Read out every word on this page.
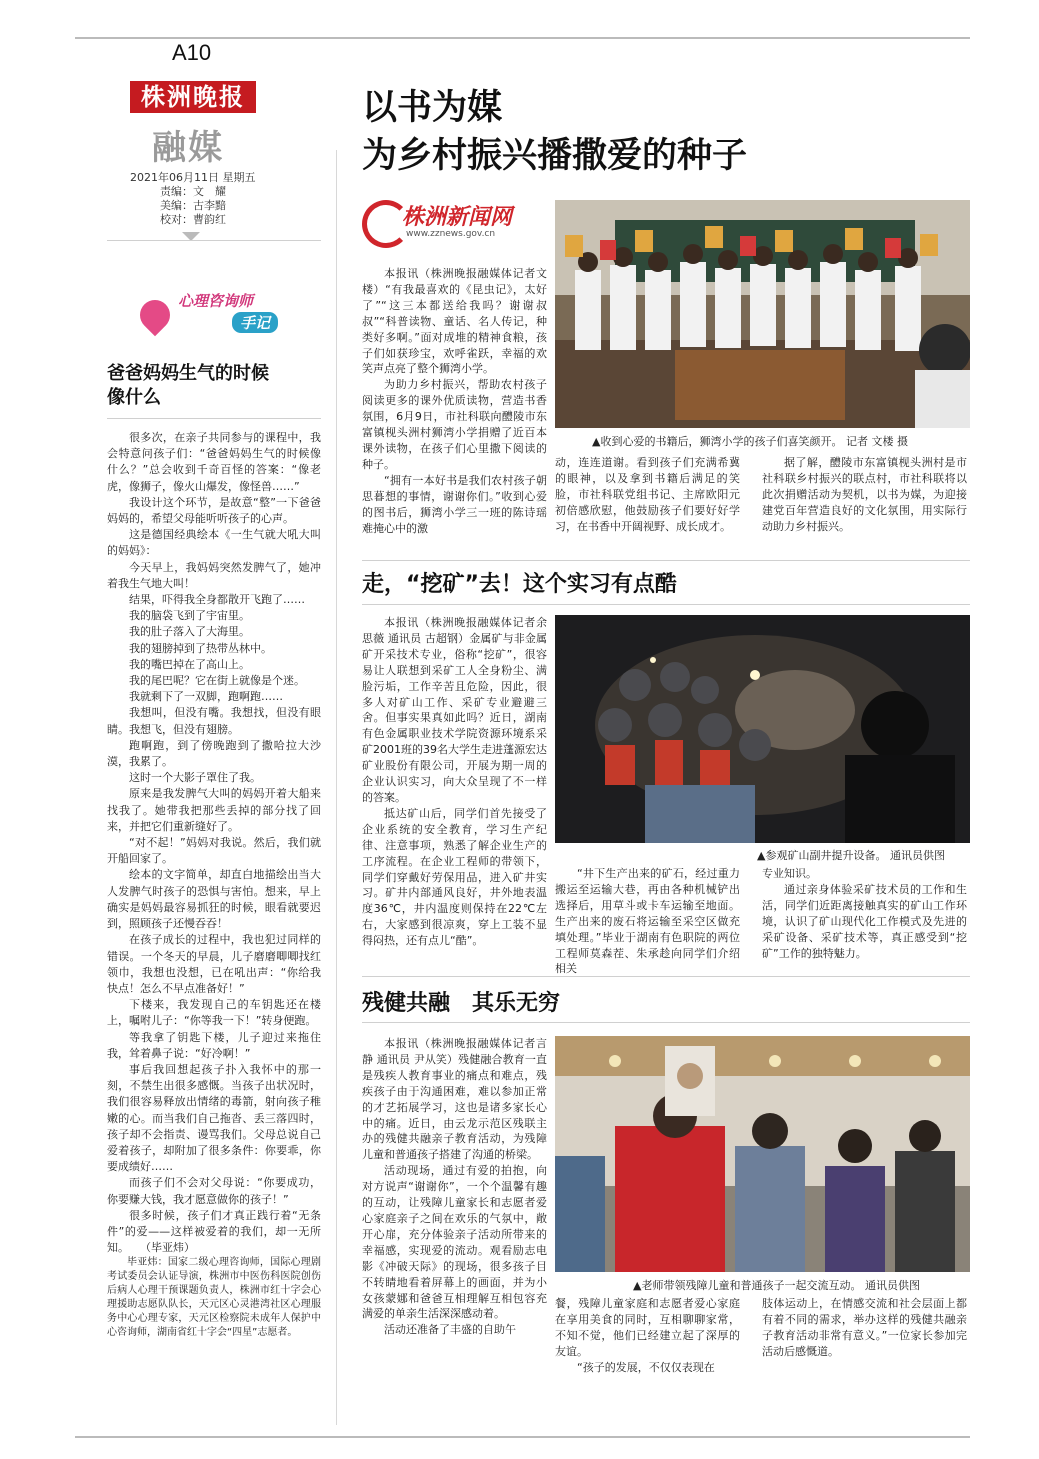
A10
株洲晚报
融媒
2021年06月11日 星期五
责编：文　耀
美编：古李黯
校对：曹韵红
心理咨询师
手记
爸爸妈妈生气的时候
像什么

很多次，在亲子共同参与的课程中，我会特意问孩子们：“爸爸妈妈生气的时候像什么？”总会收到千奇百怪的答案：“像老虎，像狮子，像火山爆发，像怪兽……”

我设计这个环节，是故意“整”一下爸爸妈妈的，希望父母能听听孩子的心声。

这是德国经典绘本《一生气就大吼大叫的妈妈》：

今天早上，我妈妈突然发脾气了，她冲着我生气地大叫！

结果，吓得我全身都散开飞跑了……

我的脑袋飞到了宇宙里。

我的肚子落入了大海里。

我的翅膀掉到了热带丛林中。

我的嘴巴掉在了高山上。

我的尾巴呢？它在街上就像是个迷。

我就剩下了一双脚，跑啊跑……

我想叫，但没有嘴。我想找，但没有眼睛。我想飞，但没有翅膀。

跑啊跑，到了傍晚跑到了撒哈拉大沙漠，我累了。

这时一个大影子罩住了我。

原来是我发脾气大叫的妈妈开着大船来找我了。她带我把那些丢掉的部分找了回来，并把它们重新缝好了。

“对不起！”妈妈对我说。然后，我们就开船回家了。

绘本的文字简单，却直白地描绘出当大人发脾气时孩子的恐惧与害怕。想来，早上确实是妈妈最容易抓狂的时候，眼看就要迟到，照顾孩子还慢吞吞！

在孩子成长的过程中，我也犯过同样的错误。一个冬天的早晨，儿子磨磨唧唧找红领巾，我想也没想，已在吼出声：“你给我快点！怎么不早点准备好！”

下楼来，我发现自己的车钥匙还在楼上，嘱咐儿子：“你等我一下！”转身便跑。

等我拿了钥匙下楼，儿子迎过来拖住我，耸着鼻子说：“好冷啊！”

事后我回想起孩子扑入我怀中的那一刻，不禁生出很多感慨。当孩子出状况时，我们很容易释放出情绪的毒箭，射向孩子稚嫩的心。而当我们自己拖沓、丢三落四时，孩子却不会指责、谩骂我们。父母总说自己爱着孩子，却附加了很多条件：你要乖，你要成绩好……

而孩子们不会对父母说：“你要成功，你要赚大钱，我才愿意做你的孩子！”

很多时候，孩子们才真正践行着“无条件”的爱——这样被爱着的我们，却一无所知。　　（毕亚炜）

毕亚炜：国家二级心理咨询师，国际心理剧考试委员会认证导演，株洲市中医伤科医院创伤后病人心理干预课题负责人，株洲市红十字会心理援助志愿队队长，天元区心灵港湾社区心理服务中心心理专家，天元区检察院未成年人保护中心咨询师，湖南省红十字会“四星”志愿者。

以书为媒
为乡村振兴播撒爱的种子
株洲新闻网
www.zznews.gov.cn

本报讯（株洲晚报融媒体记者文楼）“有我最喜欢的《昆虫记》，太好了”“这三本都送给我吗？谢谢叔叔”“科普读物、童话、名人传记，种类好多啊。”面对成堆的精神食粮，孩子们如获珍宝，欢呼雀跃，幸福的欢笑声点亮了整个狮湾小学。

为助力乡村振兴，帮助农村孩子阅读更多的课外优质读物，营造书香氛围，6月9日，市社科联向醴陵市东富镇枧头洲村狮湾小学捐赠了近百本课外读物，在孩子们心里撒下阅读的种子。

“拥有一本好书是我们农村孩子朝思暮想的事情，谢谢你们。”收到心爱的图书后，狮湾小学三一班的陈诗瑶难掩心中的激

▲收到心爱的书籍后，狮湾小学的孩子们喜笑颜开。 记者 文楼 摄

动，连连道谢。看到孩子们充满希冀的眼神，以及拿到书籍后满足的笑脸，市社科联党组书记、主席欧阳元初倍感欣慰，他鼓励孩子们要好好学习，在书香中开阔视野、成长成才。

据了解，醴陵市东富镇枧头洲村是市社科联乡村振兴的联点村，市社科联将以此次捐赠活动为契机，以书为媒，为迎接建党百年营造良好的文化氛围，用实际行动助力乡村振兴。

走，“挖矿”去！这个实习有点酷

本报讯（株洲晚报融媒体记者余思薇 通讯员 古超钢）金属矿与非金属矿开采技术专业，俗称“挖矿”，很容易让人联想到采矿工人全身粉尘、满脸污垢，工作辛苦且危险，因此，很多人对矿山工作、采矿专业避避三舍。但事实果真如此吗？近日，湖南有色金属职业技术学院资源环境系采矿2001班的39名大学生走进蓬源宏达矿业股份有限公司，开展为期一周的企业认识实习，向大众呈现了不一样的答案。

抵达矿山后，同学们首先接受了企业系统的安全教育，学习生产纪律、注意事项，熟悉了解企业生产的工序流程。在企业工程师的带领下，同学们穿戴好劳保用品，进入矿井实习。矿井内部通风良好，井外地表温度36℃，井内温度则保持在22℃左右，大家感到很凉爽，穿上工装不显得闷热，还有点儿“酷”。

▲参观矿山副井提升设备。 通讯员供图

“井下生产出来的矿石，经过重力搬运至运输大巷，再由各种机械铲出选择后，用草斗或卡车运输至地面。生产出来的废石将运输至采空区做充填处理。”毕业于湖南有色职院的两位工程师莫森茬、朱承趁向同学们介绍相关

专业知识。

通过亲身体验采矿技术员的工作和生活，同学们近距离接触真实的矿山工作环境，认识了矿山现代化工作模式及先进的采矿设备、采矿技术等，真正感受到“挖矿”工作的独特魅力。

残健共融　其乐无穷

本报讯（株洲晚报融媒体记者言静 通讯员 尹从笑）残健融合教育一直是残疾人教育事业的痛点和难点，残疾孩子由于沟通困难，难以参加正常的才艺拓展学习，这也是诸多家长心中的痛。近日，由云龙示范区残联主办的残健共融亲子教育活动，为残障儿童和普通孩子搭建了沟通的桥梁。

活动现场，通过有爱的拍抱，向对方说声“谢谢你”，一个个温馨有趣的互动，让残障儿童家长和志愿者爱心家庭亲子之间在欢乐的气氛中，敞开心扉，充分体验亲子活动所带来的幸福感，实现爱的流动。观看励志电影《冲破天际》的现场，很多孩子目不转睛地看着屏幕上的画面，并为小女孩蒙娜和爸爸互相理解互相包容充满爱的单亲生活深深感动着。

活动还准备了丰盛的自助午

▲老师带领残障儿童和普通孩子一起交流互动。 通讯员供图

餐，残障儿童家庭和志愿者爱心家庭在享用美食的同时，互相聊聊家常，不知不觉，他们已经建立起了深厚的友谊。

“孩子的发展，不仅仅表现在

肢体运动上，在情感交流和社会层面上都有着不同的需求，举办这样的残健共融亲子教育活动非常有意义。”一位家长参加完活动后感慨道。
